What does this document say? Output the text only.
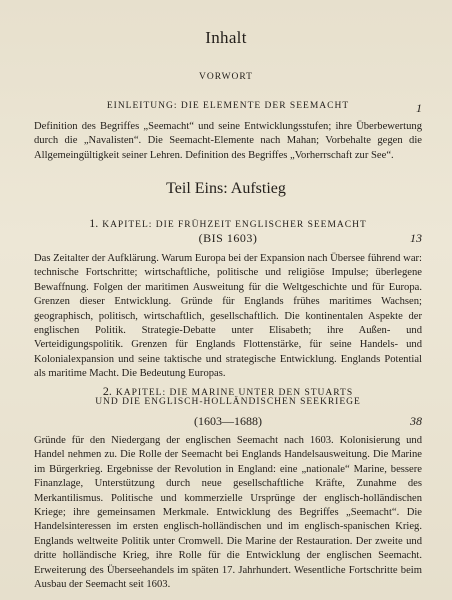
Inhalt
VORWORT
EINLEITUNG: DIE ELEMENTE DER SEEMACHT	1
Definition des Begriffes „Seemacht“ und seine Entwicklungsstufen; ihre Überbewertung durch die „Navalisten“. Die Seemacht-Elemente nach Mahan; Vorbehalte gegen die Allgemeingültigkeit seiner Lehren. Definition des Begriffes „Vorherrschaft zur See“.
Teil Eins: Aufstieg
1. KAPITEL: DIE FRÜHZEIT ENGLISCHER SEEMACHT
(BIS 1603)	13
Das Zeitalter der Aufklärung. Warum Europa bei der Expansion nach Übersee führend war: technische Fortschritte; wirtschaftliche, politische und religiöse Impulse; überlegene Bewaffnung. Folgen der maritimen Ausweitung für die Weltgeschichte und für Europa. Grenzen dieser Entwicklung. Gründe für Englands frühes maritimes Wachsen; geographisch, politisch, wirtschaftlich, gesellschaftlich. Die kontinentalen Aspekte der englischen Politik. Strategie-Debatte unter Elisabeth; ihre Außen- und Verteidigungspolitik. Grenzen für Englands Flottenstärke, für seine Handels- und Kolonialexpansion und seine taktische und strategische Entwicklung. Englands Potential als maritime Macht. Die Bedeutung Europas.
2. KAPITEL: DIE MARINE UNTER DEN STUARTS
UND DIE ENGLISCH-HOLLÄNDISCHEN SEEKRIEGE
(1603—1688)	38
Gründe für den Niedergang der englischen Seemacht nach 1603. Kolonisierung und Handel nehmen zu. Die Rolle der Seemacht bei Englands Handelsausweitung. Die Marine im Bürgerkrieg. Ergebnisse der Revolution in England: eine „nationale“ Marine, bessere Finanzlage, Unterstützung durch neue gesellschaftliche Kräfte, Zunahme des Merkantilismus. Politische und kommerzielle Ursprünge der englisch-holländischen Kriege; ihre gemeinsamen Merkmale. Entwicklung des Begriffes „Seemacht“. Die Handelsinteressen im ersten englisch-holländischen und im englisch-spanischen Krieg. Englands weltweite Politik unter Cromwell. Die Marine der Restauration. Der zweite und dritte holländische Krieg, ihre Rolle für die Entwicklung der englischen Seemacht. Erweiterung des Überseehandels im späten 17. Jahrhundert. Wesentliche Fortschritte beim Ausbau der Seemacht seit 1603.
